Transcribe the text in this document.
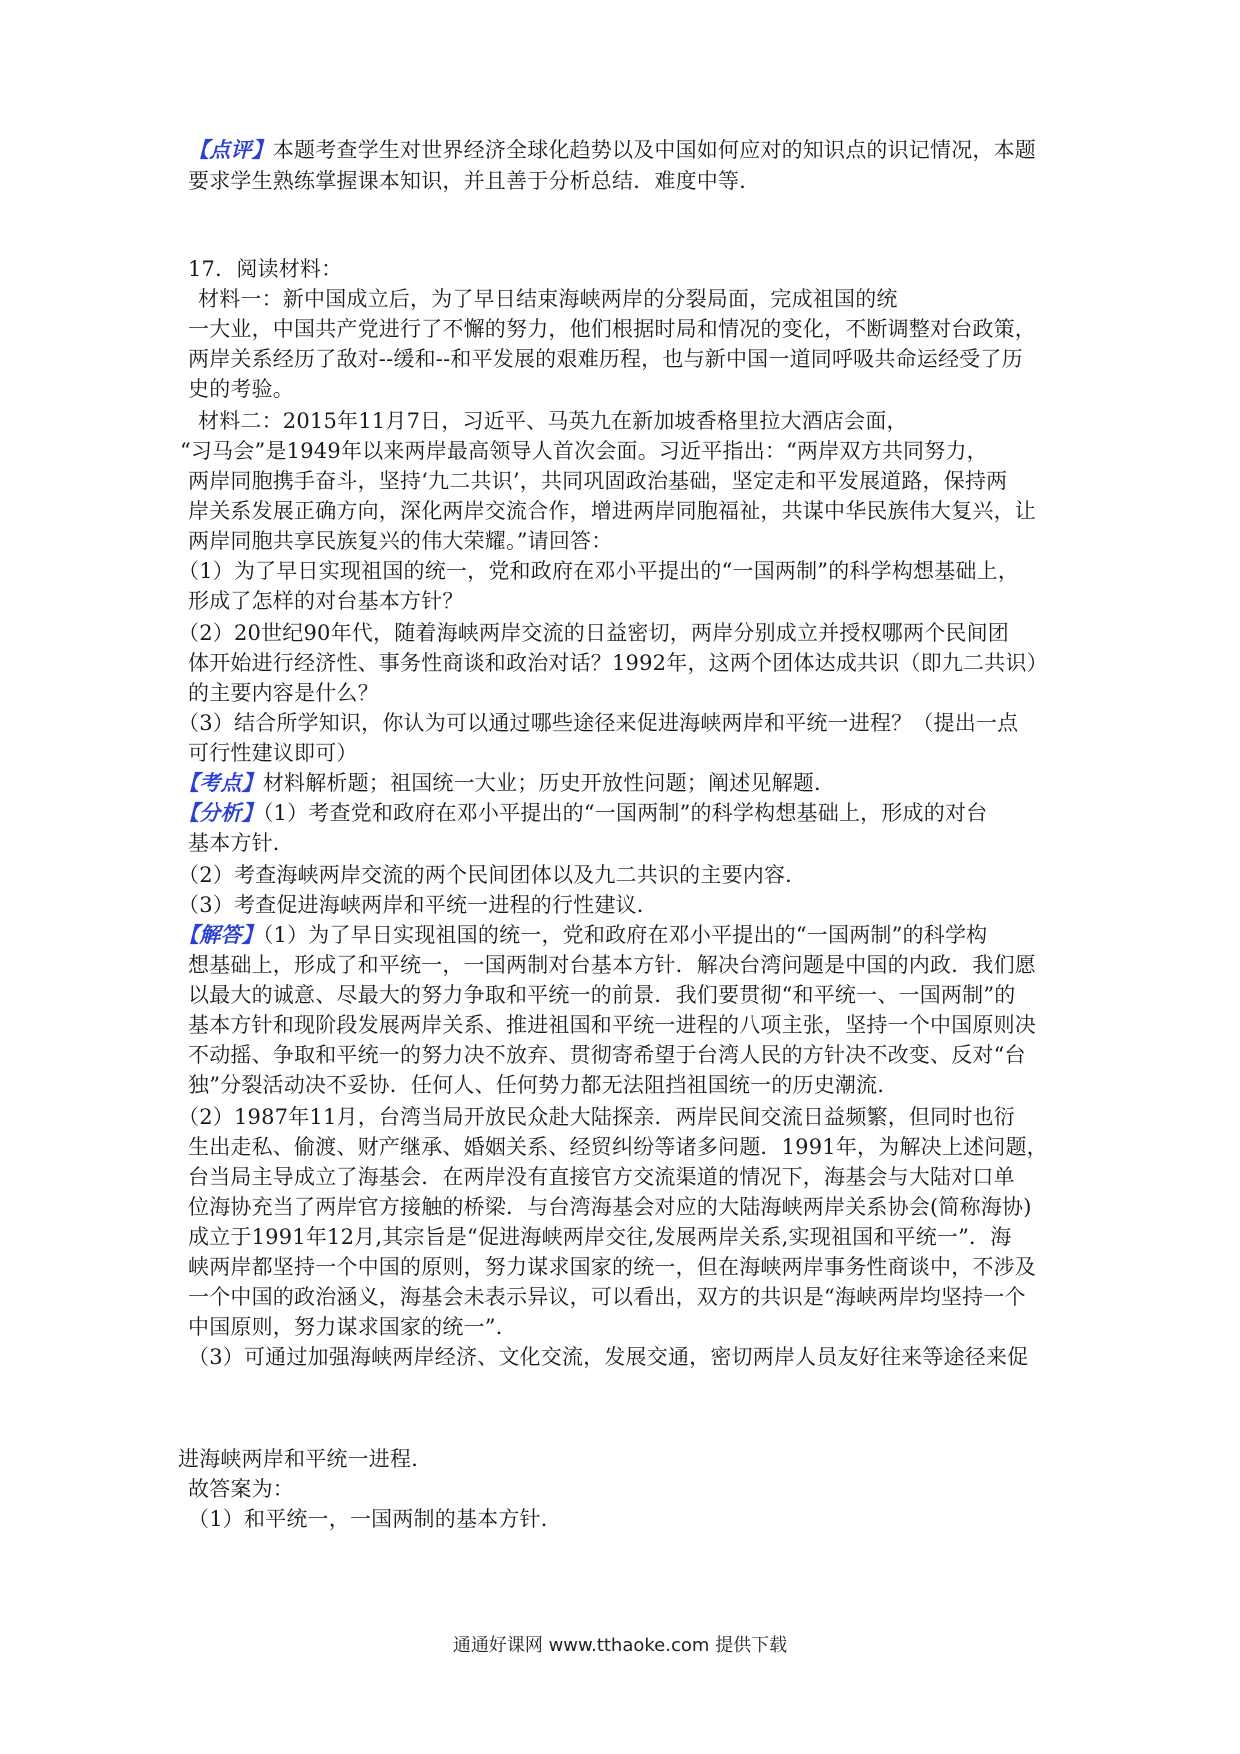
【点评】本题考查学生对世界经济全球化趋势以及中国如何应对的知识点的识记情况，本题
要求学生熟练掌握课本知识，并且善于分析总结．难度中等．
17．阅读材料：
材料一：新中国成立后，为了早日结束海峡两岸的分裂局面，完成祖国的统
一大业，中国共产党进行了不懈的努力，他们根据时局和情况的变化，不断调整对台政策，
两岸关系经历了敌对--缓和--和平发展的艰难历程，也与新中国一道同呼吸共命运经受了历
史的考验。
材料二：2015年11月7日，习近平、马英九在新加坡香格里拉大酒店会面，
“习马会”是1949年以来两岸最高领导人首次会面。习近平指出：“两岸双方共同努力，
两岸同胞携手奋斗，坚持‘九二共识’，共同巩固政治基础，坚定走和平发展道路，保持两
岸关系发展正确方向，深化两岸交流合作，增进两岸同胞福祉，共谋中华民族伟大复兴，让
两岸同胞共享民族复兴的伟大荣耀。”请回答：
（1）为了早日实现祖国的统一，党和政府在邓小平提出的“一国两制”的科学构想基础上，
形成了怎样的对台基本方针？
（2）20世纪90年代，随着海峡两岸交流的日益密切，两岸分别成立并授权哪两个民间团
体开始进行经济性、事务性商谈和政治对话？1992年，这两个团体达成共识（即九二共识）
的主要内容是什么？
（3）结合所学知识，你认为可以通过哪些途径来促进海峡两岸和平统一进程？（提出一点
可行性建议即可）
【考点】材料解析题；祖国统一大业；历史开放性问题；阐述见解题．
【分析】（1）考查党和政府在邓小平提出的“一国两制”的科学构想基础上，形成的对台
基本方针．
（2）考查海峡两岸交流的两个民间团体以及九二共识的主要内容．
（3）考查促进海峡两岸和平统一进程的行性建议．
【解答】（1）为了早日实现祖国的统一，党和政府在邓小平提出的“一国两制”的科学构
想基础上，形成了和平统一，一国两制对台基本方针．解决台湾问题是中国的内政．我们愿
以最大的诚意、尽最大的努力争取和平统一的前景．我们要贯彻“和平统一、一国两制”的
基本方针和现阶段发展两岸关系、推进祖国和平统一进程的八项主张，坚持一个中国原则决
不动摇、争取和平统一的努力决不放弃、贯彻寄希望于台湾人民的方针决不改变、反对“台
独”分裂活动决不妥协．任何人、任何势力都无法阻挡祖国统一的历史潮流．
（2）1987年11月，台湾当局开放民众赴大陆探亲．两岸民间交流日益频繁，但同时也衍
生出走私、偷渡、财产继承、婚姻关系、经贸纠纷等诸多问题．1991年，为解决上述问题，
台当局主导成立了海基会．在两岸没有直接官方交流渠道的情况下，海基会与大陆对口单
位海协充当了两岸官方接触的桥梁．与台湾海基会对应的大陆海峡两岸关系协会(简称海协)
成立于1991年12月,其宗旨是“促进海峡两岸交往,发展两岸关系,实现祖国和平统一”．海
峡两岸都坚持一个中国的原则，努力谋求国家的统一，但在海峡两岸事务性商谈中，不涉及
一个中国的政治涵义，海基会未表示异议，可以看出，双方的共识是“海峡两岸均坚持一个
中国原则，努力谋求国家的统一”．
（3）可通过加强海峡两岸经济、文化交流，发展交通，密切两岸人员友好往来等途径来促
进海峡两岸和平统一进程．
故答案为：
（1）和平统一，一国两制的基本方针．
通通好课网 www.tthaoke.com 提供下载
